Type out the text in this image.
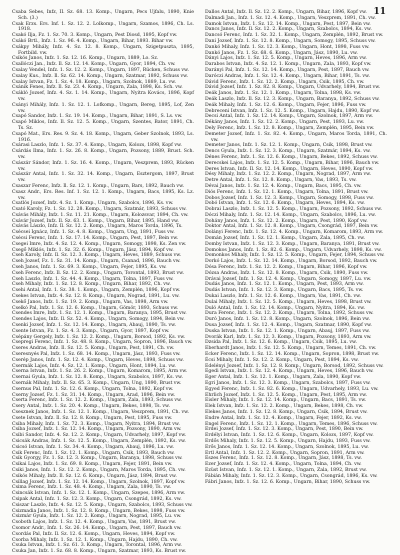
11
Csaba Sebes, Infz, II. Sz. 68. 13. Komp., Ungarn, Pecs Ujfalu, 1890, Knie Sch. (3.)
Csak Erzs. Ers. Inf. 1. Sz. 12. 2. Lolkomp., Ungarn, Szamos, 1896, Ch. Ls. 1918.
Csakó Ilja, Fz. 1. Sz. 70. 3. Komp., Ungarn, Pest Diosd, 1895, Kopf vw.
Csákó Brtl., Infz. 1. Sz. 96. 4. Komp., Ungarn, Bihar, 1893. Bihar vw.
Csákpy Mihály, Infz. 4. Sz. 12. 8. Komp., Ungarn, Szigetpuszta, 1895, Fortbild. vw.
Csikós Janos, Infz. 1. Sz. 12. 16. Komp., Ungarn, 1889, Lo. Sz.
Csallóczi Jan., Infz. Il. Sz. 12. 14. Komp., Ungarn, Gyor, 1894, Ch. vw.
Csalay Vendel, Infz. 1. Sz. 12. 2. Komp., Ungarn, 1897, Rücken, Schuss vw.
Csalay Kus., Infz. Il. Sz. 62. 14. Komp., Ungarn, Szatmar, 1892, Schuss vw.
Csalay Istvan, Fz. 1. Sz. 4. 18. Komp., Ungarn, Szolnok, 1889, Lu. vw.
Csánik Fenes, Infz. Il. Sz. 23. 4. Komp., Ungarn, Zala, 1898, Ks. Sch. vw.
Csákló Jozsef, Infz. 4. Sz. 1. 14. Komp., Ungarn, Nyitra Kovács, 1896, Kopf vw.
Csányi Mihály, Infz. 1. Sz. 12. 1. Lofkomp., Ungarn, Bereg, 1895, Lof, Zen vw.
Csapó Sandor, Infz. 1. Sz. 19. 14. Komp., Ungarn, Bihar, 1891, S. Ls. vw.
Csapó Miklos, Infz. Il. Sz. 12. 5. Komp., Ungarn, Szentes, Bator, 1891, Ch. Ts. Sz.
Csapó Mat., Ers. Res. 9. Sz. 4. 18. Komp., Ungarn, Geber Szolnok, 1893, Ls. 1916.
Csárasi Laszlo, Infz. 1. Sz. 37. 4. Komp., Ungarn, Kolozs, 1898, Kopf vw.
Csárdás Ilma, Infz. 1. Sz. 26. 8. Komp., Ungarn, Pozsony, 1889, Brust. Sch. vw.
Császár Sándor, Infz. 1. Sz. 16. 4. Komp., Ungarn, Veszprem, 1893, Rücken vw.
Császár Antal, Infz. 1. Sz. 32. 14. Komp., Ungarn, Esztergom, 1897, Brust vw.
Csaszar Ferenc, Infz. Il. Sz. 12. 1. Komp., Ungarn, Bars, 1892, Bauch vw.
Csasz Andr., Ers. Res. Inf. 1. Sz. 12. 1. Komp., Ungarn, Bacs, 1895, Ks. Lz. vw.
Csatlós Jozsef, Infz. 4. Sz. 1. Komp., Ungarn, Szabolcs, 1896, Ks. vw.
Csató Karoly, Fz. 1. Sz. 12. 28. Komp., Ungarn, Szatmár, 1893, Schuss vw.
Csávás Mihály, Infz. 1. Sz. 11. 21. Komp., Ungarn, Kolozsvar, 1894, Ch. vw.
Csávár Jozsef, Infz. Il. Sz. 63. 1. Komp., Ungarn, Bihar, 1895, Hand vw.
Csávás Lászlo, Infz. Il. Sz. 12. 2. Komp., Ungarn, Maros Torda, 1896, Ts.
Csécsei Ignácz, Infz. 1. Sz. 4. 8. Komp., Ungarn, Ung, 1891, Fuss vw.
Csécsi Ferenc, Infz. 1. Sz. 17. 14. Komp., Ungarn, Pest, 1897, Bein vw.
Csegei Imre, Infz. 4. Sz. 12. 4. Komp., Ungarn, Somogy, 1898, Ks. Zen vw.
Csegő Miklós, Infz. 1. Sz. 32. 6. Komp., Ungarn, Jász, 1894, Kopf vw.
Cseh Karoly, Infz. Il. Sz. 12. 3. Komp., Ungarn, Heves, 1889, Schuss vw.
Cseh Jozsef, Fz. 1. Sz. 31. 14. Komp., Ungarn, Csanad, 1896, Bauch vw.
Cseh Janos, Infz. 1. Sz. 69. 3. Komp., Ungarn, Fejer, 1895, Ks. vw.
Cseh Ferenc, Infz. Il. Sz. 12. 2. Komp., Ungarn, Torontal, 1893, Brust vw.
Cseh Laszlo, Infz. 1. Sz. 44. 4. Komp., Ungarn, Tolna, 1897, Fuss vw.
Cseh Mihaly, Infz. 1. Sz. 12. 8. Komp., Ungarn, Bihar, 1892, Ch. vw.
Csehi Antal, Infz. 1. Sz. 38. 1. Komp., Ungarn, Zemplén, 1896, Kopf vw.
Csekes Istvan, Infz. 4. Sz. 12. 8. Komp., Ungarn, Nograd, 1891, Lu. vw.
Csekő Janos, Infz. 1. Sz. 19. 2. Komp., Ungarn, Vas, 1898, Arm vw.
Cselkó Pal, Infz. 1. Sz. 12. 6. Komp., Ungarn, Gömör, 1893, Schuss vw.
Csendes Imre, Infz. 1. Sz. 12. 1. Komp., Ungarn, Baranya, 1895, Brust vw.
Csendes Lajos, Infz. Il. Sz. 52. 4. Komp., Ungarn, Somogy, 1894, Bein vw.
Csenki Jozsef, Infz. 1. Sz. 12. 14. Komp., Ungarn, Abauj, 1890, Ts. vw.
Csente Istvan, Fz. 1. Sz. 4. 3. Komp., Ungarn, Gyor, 1897, Kopf vw.
Csépány Gergely, Infz. 1. Sz. 12. 2. Komp., Ungarn, Borsod, 1892, Ks. vw.
Csepregi Ferenc, Infz. 1. Sz. 48. 8. Komp., Ungarn, Sopron, 1896, Bauch vw.
Cseres Andras, Infz. Il. Sz. 12. 5. Komp., Ungarn, Pest, 1891, Ch. vw.
Cseresnyés Pal, Infz. 1. Sz. 68. 14. Komp., Ungarn, Jász, 1893, Fuss vw.
Cserép Janos, Infz. 1. Sz. 12. 4. Komp., Ungarn, Heves, 1898, Schuss vw.
Csermák Lajos, Infz. 4. Sz. 12. 1. Komp., Ungarn, Hont, 1894, Lu. vw.
Cserna Istvan, Infz. 1. Sz. 26. 2. Komp., Ungarn, Komarom, 1895, Arm vw.
Csernai Gyula, Infz. 1. Sz. 12. 8. Komp., Ungarn, Szabolcs, 1897, Ks. vw.
Csernák Mihaly, Infz. Il. Sz. 65. 3. Komp., Ungarn, Ung, 1890, Brust vw.
Csernus Pal, Infz. 1. Sz. 12. 6. Komp., Ungarn, Tolna, 1892, Kopf vw.
Cserny Jozsef, Fz. 1. Sz. 31. 14. Komp., Ungarn, Arad, 1896, Bein vw.
Cserta Ferenc, Infz. 1. Sz. 12. 2. Komp., Ungarn, Zala, 1893, Schuss vw.
Csery Antal, Infz. 1. Sz. 20. 4. Komp., Ungarn, Bekes, 1898, Ts. vw.
Csesznek Janos, Infz. 1. Sz. 12. 1. Komp., Ungarn, Veszprem, 1891, Ch. vw.
Csete Istvan, Infz. Il. Sz. 12. 8. Komp., Ungarn, Pest, 1895, Fuss vw.
Csiba Mihaly, Infz. 1. Sz. 72. 3. Komp., Ungarn, Nyitra, 1894, Brust vw.
Csiba Jozsef, Infz. 1. Sz. 12. 14. Komp., Ungarn, Pozsony, 1890, Arm vw.
Csibi Sandor, Infz. 4. Sz. 12. 2. Komp., Ungarn, Udvarhely, 1897, Kopf vw.
Csicsák Andras, Infz. 1. Sz. 12. 5. Komp., Ungarn, Zemplén, 1892, Ks. vw.
Csicsó Istvan, Infz. 1. Sz. 34. 4. Komp., Ungarn, Abauj, 1896, Lu. vw.
Csik Ferenc, Infz. 1. Sz. 12. 1. Komp., Ungarn, Csik, 1893, Bauch vw.
Csik Gyorgy, Fz. 1. Sz. 12. 3. Komp., Ungarn, Baranya, 1898, Schuss vw.
Csikai Lajos, Infz. 1. Sz. 69. 8. Komp., Ungarn, Fejer, 1891, Bein vw.
Csiki Janos, Infz. 1. Sz. 12. 2. Komp., Ungarn, Maros Torda, 1895, Ch. vw.
Csikós Mihaly, Infz. Il. Sz. 12. 6. Komp., Ungarn, Jász, 1894, Brust vw.
Csillag Jozsef, Infz. 1. Sz. 12. 14. Komp., Ungarn, Szolnok, 1897, Kopf vw.
Csima Ferenc, Infz. 1. Sz. 48. 4. Komp., Ungarn, Zala, 1890, Ts. vw.
Csincsák Istvan, Infz. 1. Sz. 12. 1. Komp., Ungarn, Szepes, 1896, Arm vw.
Csipak Antal, Infz. 1. Sz. 12. 3. Komp., Ungarn, Csongrád, 1892, Ks. vw.
Csiszar Laszlo, Infz. 4. Sz. 12. 5. Komp., Ungarn, Szabolcs, 1893, Schuss vw.
Csizmadia Janos, Infz. 1. Sz. 12. 8. Komp., Ungarn, Bekes, 1898, Fuss vw.
Csizmár Gyula, Infz. 1. Sz. 12. 2. Komp., Ungarn, Nograd, 1895, Lu. vw.
Csoboth Lajos, Infz. 1. Sz. 12. 4. Komp., Ungarn, Vas, 1891, Brust vw.
Csomor Andr., Infz. 1. Sz. 26. 14. Komp., Ungarn, Pest, 1897, Bauch vw.
Csordás Pal, Infz. Il. Sz. 12. 6. Komp., Ungarn, Heves, 1894, Kopf vw.
Csorba Mihaly, Infz. 1. Sz. 12. 1. Komp., Ungarn, Hajdu, 1890, Ch. vw.
Csuka Istvan, Infz. 1. Sz. 61. 3. Komp., Ungarn, Torontal, 1896, Arm vw.
Csuka Jan, Infz. 1. Sz. 68. 8. Komp., Ungarn, Szatmar, 1893, Ks. Brust vw.
Dallos Antal, Infz. Il. Sz. 12. 2. Komp., Ungarn, Bihar, 1896, Kopf vw.
Dalmadi Jan., Infz. 1. Sz. 12. 4. Komp., Ungarn, Veszprem, 1891, Ch. vw.
Damok Istvan, Infz. 1. Sz. 12. 14. Komp., Ungarn, Pest, 1897, Bein vw.
Dancs Janos, Infz. Il. Sz. 12. 2. Komp., Ungarn, Szabolcs, 1894, Ks. vw.
Dancsó Ferenc, Infz. 1. Sz. 32. 1. Komp., Ungarn, Zemplén, 1892, Brust vw.
Dani Jozsef, Infz. 1. Sz. 12. 8. Komp., Ungarn, Somogy, 1895, Schuss vw.
Dankó Mihaly, Infz. 1. Sz. 12. 3. Komp., Ungarn, Hont, 1898, Fuss vw.
Dankó Janos, Fz. 1. Sz. 68. 6. Komp., Ungarn, Jász, 1890, Lu. vw.
Dányi Lajos, Infz. 1. Sz. 12. 5. Komp., Ungarn, Heves, 1896, Arm vw.
Darabos Istvan, Infz. 4. Sz. 12. 1. Komp., Ungarn, Zala, 1893, Kopf vw.
Darányi Pal, Infz. 1. Sz. 12. 14. Komp., Ungarn, Pest, 1897, Bauch vw.
Daróczi Andras, Infz. 1. Sz. 12. 4. Komp., Ungarn, Bihar, 1891, Ts. vw.
Dávid Ferenc, Infz. 1. Sz. 12. 2. Komp., Ungarn, Csik, 1895, Ch. vw.
Dávid Jozsef, Infz. 1. Sz. 82. 8. Komp., Ungarn, Udvarhely, 1894, Brust vw.
Deák Janos, Infz. 1. Sz. 12. 1. Komp., Ungarn, Tolna, 1898, Ks. vw.
Deák Laszlo, Infz. Il. Sz. 12. 3. Komp., Ungarn, Baranya, 1892, Schuss vw.
Deák Mihaly, Infz. 1. Sz. 12. 6. Komp., Ungarn, Fejer, 1896, Fuss vw.
Debreceni Istvan, Infz. 1. Sz. 12. 5. Komp., Ungarn, Hajdu, 1890, Kopf vw.
Decsi Antal, Infz. 1. Sz. 12. 14. Komp., Ungarn, Szolnok, 1897, Arm vw.
Dékány Janos, Infz. 1. Sz. 12. 2. Komp., Ungarn, Pest, 1893, Lu. vw.
Dely Ferenc, Infz. 1. Sz. 12. 8. Komp., Ungarn, Zemplén, 1895, Bein vw.
Demeter Jozsef, Infz. 1. Sz. 82. 4. Komp., Ungarn, Maros Torda, 1891, Ch. vw.
Demeter Janos, Infz. 1. Sz. 12. 1. Komp., Ungarn, Csik, 1898, Brust vw.
Dencs Gyula, Infz. 1. Sz. 12. 3. Komp., Ungarn, Szatmár, 1894, Ks. vw.
Dénes Ferenc, Infz. 1. Sz. 12. 6. Komp., Ungarn, Bekes, 1892, Schuss vw.
Derecskei Lajos, Infz. 1. Sz. 12. 5. Komp., Ungarn, Bihar, 1896, Bauch vw.
Deres Istvan, Infz. Il. Sz. 12. 14. Komp., Ungarn, Heves, 1890, Kopf vw.
Désy Mihaly, Infz. 1. Sz. 12. 2. Komp., Ungarn, Nograd, 1897, Arm vw.
Detre Antal, Infz. 1. Sz. 12. 8. Komp., Ungarn, Vas, 1893, Ts. vw.
Dévai Janos, Infz. 1. Sz. 12. 4. Komp., Ungarn, Bacs, 1895, Ch. vw.
Diós Ferenc, Infz. 1. Sz. 12. 1. Komp., Ungarn, Tolna, 1891, Brust vw.
Dobos Jozsef, Infz. 1. Sz. 12. 3. Komp., Ungarn, Somogy, 1898, Fuss vw.
Dobó Istvan, Infz. 1. Sz. 12. 6. Komp., Ungarn, Heves, 1894, Ks. vw.
Dobrai Laszlo, Infz. 1. Sz. 12. 5. Komp., Ungarn, Pozsony, 1892, Schuss vw.
Dóczi Mihaly, Infz. 1. Sz. 12. 14. Komp., Ungarn, Szabolcs, 1896, Lu. vw.
Dohány Janos, Infz. 1. Sz. 12. 2. Komp., Ungarn, Pest, 1890, Kopf vw.
Doktor Antal, Infz. 1. Sz. 12. 8. Komp., Ungarn, Csongrád, 1897, Bein vw.
Dolányi Ferenc, Infz. 1. Sz. 12. 4. Komp., Ungarn, Komarom, 1893, Arm vw.
Domán Jozsef, Infz. 1. Sz. 12. 1. Komp., Ungarn, Zala, 1895, Ch. vw.
Domby Istvan, Infz. 1. Sz. 12. 3. Komp., Ungarn, Baranya, 1891, Brust vw.
Domokos Janos, Infz. 1. Sz. 82. 6. Komp., Ungarn, Udvarhely, 1898, Ks. vw.
Domonkos Mihaly, Infz. 1. Sz. 12. 5. Komp., Ungarn, Fejer, 1894, Schuss vw.
Dorkó Lajos, Infz. 1. Sz. 12. 14. Komp., Ungarn, Borsod, 1892, Bauch vw.
Dósa Ferenc, Infz. 1. Sz. 12. 2. Komp., Ungarn, Bihar, 1896, Kopf vw.
Dózsa Andras, Infz. 1. Sz. 12. 8. Komp., Ungarn, Csik, 1890, Fuss vw.
Drávai Jozsef, Infz. 1. Sz. 12. 4. Komp., Ungarn, Somogy, 1897, Lu. vw.
Dudás Janos, Infz. 1. Sz. 12. 1. Komp., Ungarn, Pest, 1893, Arm vw.
Dudás Istvan, Infz. 1. Sz. 12. 3. Komp., Ungarn, Bacs, 1895, Ts. vw.
Dukai Laszlo, Infz. 1. Sz. 12. 6. Komp., Ungarn, Vas, 1891, Ch. vw.
Dulai Mihaly, Infz. 1. Sz. 12. 5. Komp., Ungarn, Heves, 1898, Brust vw.
Duló Antal, Infz. 1. Sz. 12. 14. Komp., Ungarn, Nyitra, 1894, Ks. vw.
Dura Ferenc, Infz. 1. Sz. 12. 2. Komp., Ungarn, Tolna, 1892, Schuss vw.
Duró Janos, Infz. 1. Sz. 12. 8. Komp., Ungarn, Szolnok, 1896, Bein vw.
Dusa Jozsef, Infz. 1. Sz. 12. 4. Komp., Ungarn, Szatmar, 1890, Kopf vw.
Duska Istvan, Infz. 1. Sz. 12. 1. Komp., Ungarn, Abauj, 1897, Fuss vw.
Dvorák Karl, Infz. 1. Sz. 12. 3. Komp., Ungarn, Pozsony, 1893, Arm vw.
Dzsida Pal, Infz. 1. Sz. 12. 6. Komp., Ungarn, Csik, 1895, Lu. vw.
Eberhardt Janos, Infz. 1. Sz. 12. 5. Komp., Ungarn, Temes, 1891, Ch. vw.
Ecker Ferenc, Infz. 1. Sz. 12. 14. Komp., Ungarn, Sopron, 1898, Brust vw.
Écsi Mihaly, Infz. 1. Sz. 12. 2. Komp., Ungarn, Pest, 1894, Ks. vw.
Edelényi Jozsef, Infz. 1. Sz. 12. 8. Komp., Ungarn, Borsod, 1892, Schuss vw.
Egedi Istvan, Infz. 1. Sz. 12. 4. Komp., Ungarn, Heves, 1896, Bauch vw.
Eger Antal, Infz. 1. Sz. 12. 1. Komp., Ungarn, Zala, 1890, Kopf vw.
Egri Janos, Infz. 1. Sz. 12. 3. Komp., Ungarn, Szabolcs, 1897, Fuss vw.
Egyed Ferenc, Infz. 1. Sz. 82. 6. Komp., Ungarn, Udvarhely, 1893, Lu. vw.
Ehrlich Jozsef, Infz. 1. Sz. 12. 5. Komp., Ungarn, Pest, 1895, Arm vw.
Eisler Mihaly, Infz. 1. Sz. 12. 14. Komp., Ungarn, Bacs, 1891, Ts. vw.
Elek Istvan, Infz. 1. Sz. 12. 2. Komp., Ungarn, Bekes, 1898, Ch. vw.
Elekes Janos, Infz. 1. Sz. 12. 8. Komp., Ungarn, Csik, 1894, Brust vw.
Endre Antal, Infz. 1. Sz. 12. 4. Komp., Ungarn, Fejer, 1892, Ks. vw.
Engel Ferenc, Infz. 1. Sz. 12. 1. Komp., Ungarn, Temes, 1896, Schuss vw.
Erdei Jozsef, Infz. 1. Sz. 12. 3. Komp., Ungarn, Pest, 1890, Bein vw.
Erdélyi Istvan, Infz. 1. Sz. 12. 6. Komp., Ungarn, Kolozs, 1897, Kopf vw.
Erdős Mihaly, Infz. 1. Sz. 12. 5. Komp., Ungarn, Hajdu, 1893, Fuss vw.
Erős Janos, Infz. 1. Sz. 12. 14. Komp., Ungarn, Szolnok, 1895, Lu. vw.
Ertl Antal, Infz. 1. Sz. 12. 2. Komp., Ungarn, Sopron, 1891, Arm vw.
Eszes Ferenc, Infz. 1. Sz. 12. 8. Komp., Ungarn, Jász, 1898, Ts. vw.
Ezer Jozsef, Infz. 1. Sz. 12. 4. Komp., Ungarn, Tolna, 1894, Ch. vw.
Ezüst Istvan, Infz. 1. Sz. 12. 1. Komp., Ungarn, Zala, 1892, Brust vw.
Fábián Mihaly, Infz. 1. Sz. 12. 3. Komp., Ungarn, Csongrád, 1896, Ks. vw.
Fábri Janos, Infz. 1. Sz. 12. 6. Komp., Ungarn, Bihar, 1890, Schuss vw.
